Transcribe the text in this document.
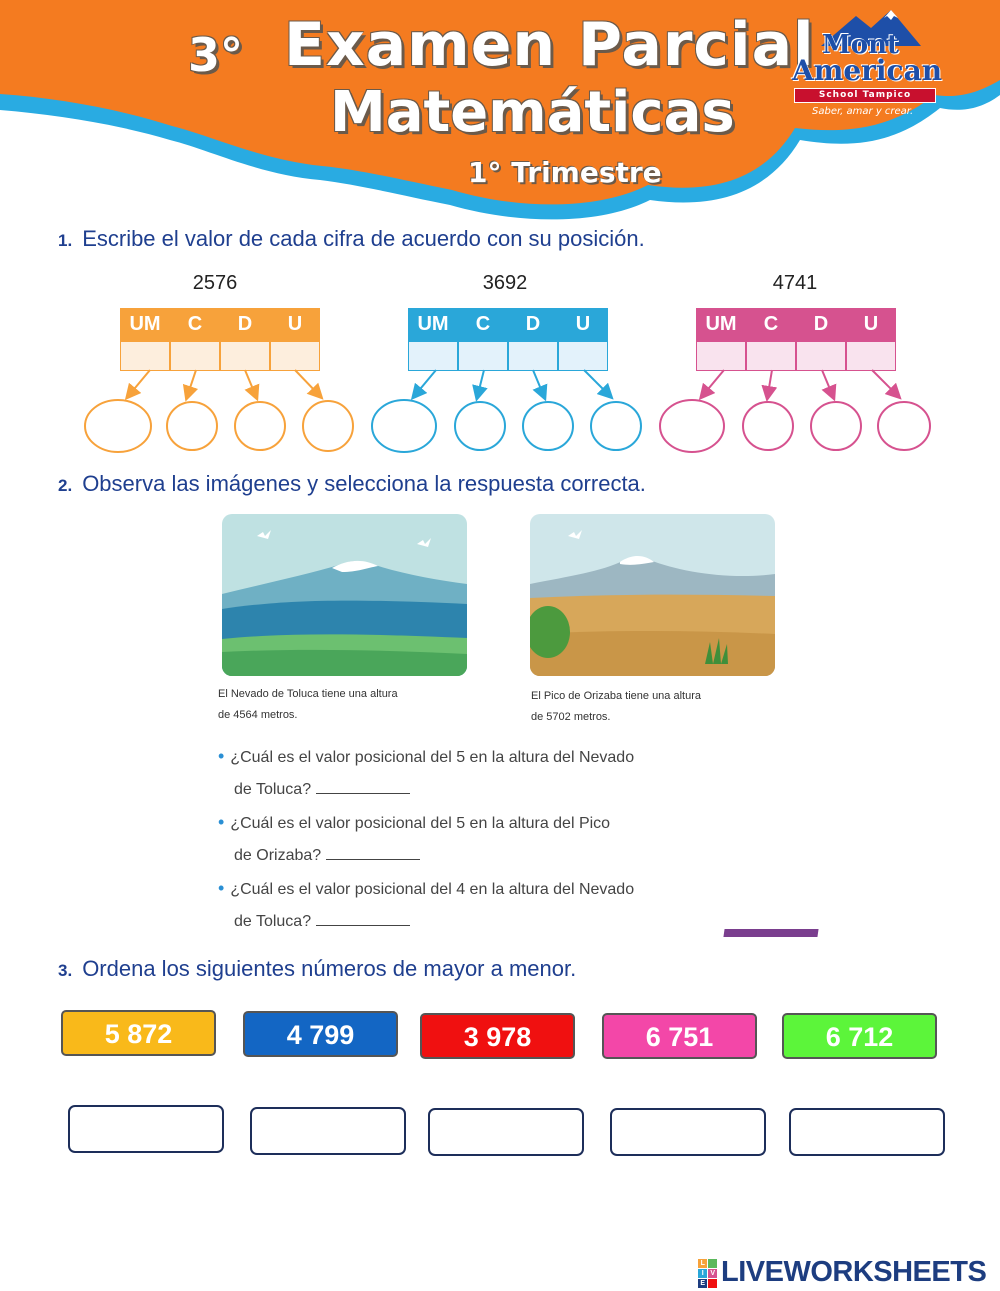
3° Examen Parcial
Matemáticas
1° Trimestre
Mont
American
School Tampico
Saber, amar y crear.
1. Escribe el valor de cada cifra de acuerdo con su posición.
2576
UM	C	D	U
3692
UM	C	D	U
4741
UM	C	D	U
2. Observa las imágenes y selecciona la respuesta correcta.
El Nevado de Toluca tiene una altura
de 4564 metros.
El Pico de Orizaba tiene una altura
de 5702 metros.
• ¿Cuál es el valor posicional del 5 en la altura del Nevado
de Toluca?
• ¿Cuál es el valor posicional del 5 en la altura del Pico
de Orizaba?
• ¿Cuál es el valor posicional del 4 en la altura del Nevado
de Toluca?
3. Ordena los siguientes números de mayor a menor.
5 872	4 799	3 978	6 751	6 712
L
I	V
E LIVEWORKSHEETS
